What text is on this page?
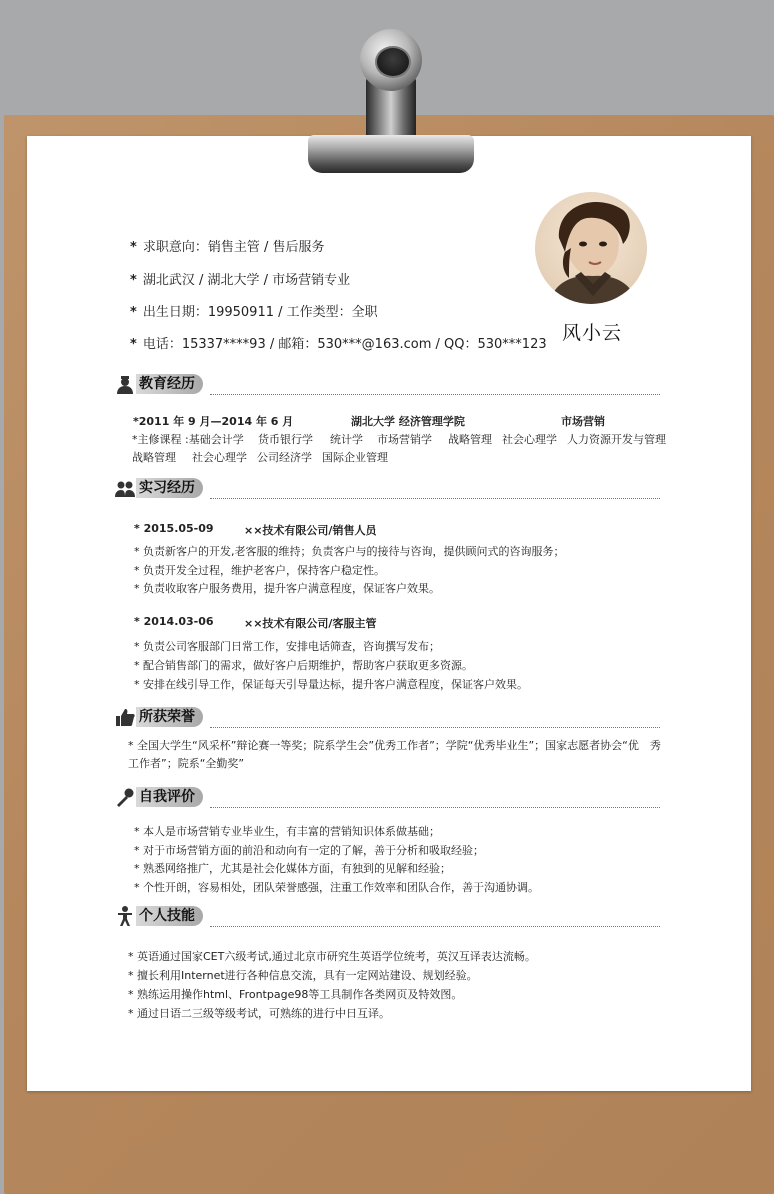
* 求职意向：销售主管 / 售后服务
* 湖北武汉 / 湖北大学 / 市场营销专业
* 出生日期：19950911 / 工作类型：全职
* 电话：15337****93 / 邮箱：530***@163.com / QQ：530***123
风小云
教育经历
*2011 年 9 月—2014 年 6 月	湖北大学 经济管理学院	市场营销
*主修课程 :基础会计学 货币银行学 统计学 市场营销学 战略管理 社会心理学 人力资源开发与管理
战略管理 社会心理学 公司经济学 国际企业管理
实习经历
* 2015.05-09	××技术有限公司/销售人员
* 负责新客户的开发,老客服的维持；负责客户与的接待与咨询，提供顾问式的咨询服务；
* 负责开发全过程，维护老客户，保持客户稳定性。
* 负责收取客户服务费用，提升客户满意程度，保证客户效果。
* 2014.03-06	××技术有限公司/客服主管
* 负责公司客服部门日常工作，安排电话筛查，咨询撰写发布；
* 配合销售部门的需求，做好客户后期维护，帮助客户获取更多资源。
* 安排在线引导工作，保证每天引导量达标，提升客户满意程度，保证客户效果。
所获荣誉
* 全国大学生“风采杯”辩论赛一等奖；院系学生会”优秀工作者”；学院“优秀毕业生”；国家志愿者协会“优　秀工作者”；院系“全勤奖”
自我评价
* 本人是市场营销专业毕业生，有丰富的营销知识体系做基础；
* 对于市场营销方面的前沿和动向有一定的了解，善于分析和吸取经验；
* 熟悉网络推广，尤其是社会化媒体方面，有独到的见解和经验；
* 个性开朗，容易相处，团队荣誉感强，注重工作效率和团队合作，善于沟通协调。
个人技能
* 英语通过国家CET六级考试,通过北京市研究生英语学位统考，英汉互译表达流畅。
* 擅长利用Internet进行各种信息交流，具有一定网站建设、规划经验。
* 熟练运用操作html、Frontpage98等工具制作各类网页及特效图。
* 通过日语二三级等级考试，可熟练的进行中日互译。
